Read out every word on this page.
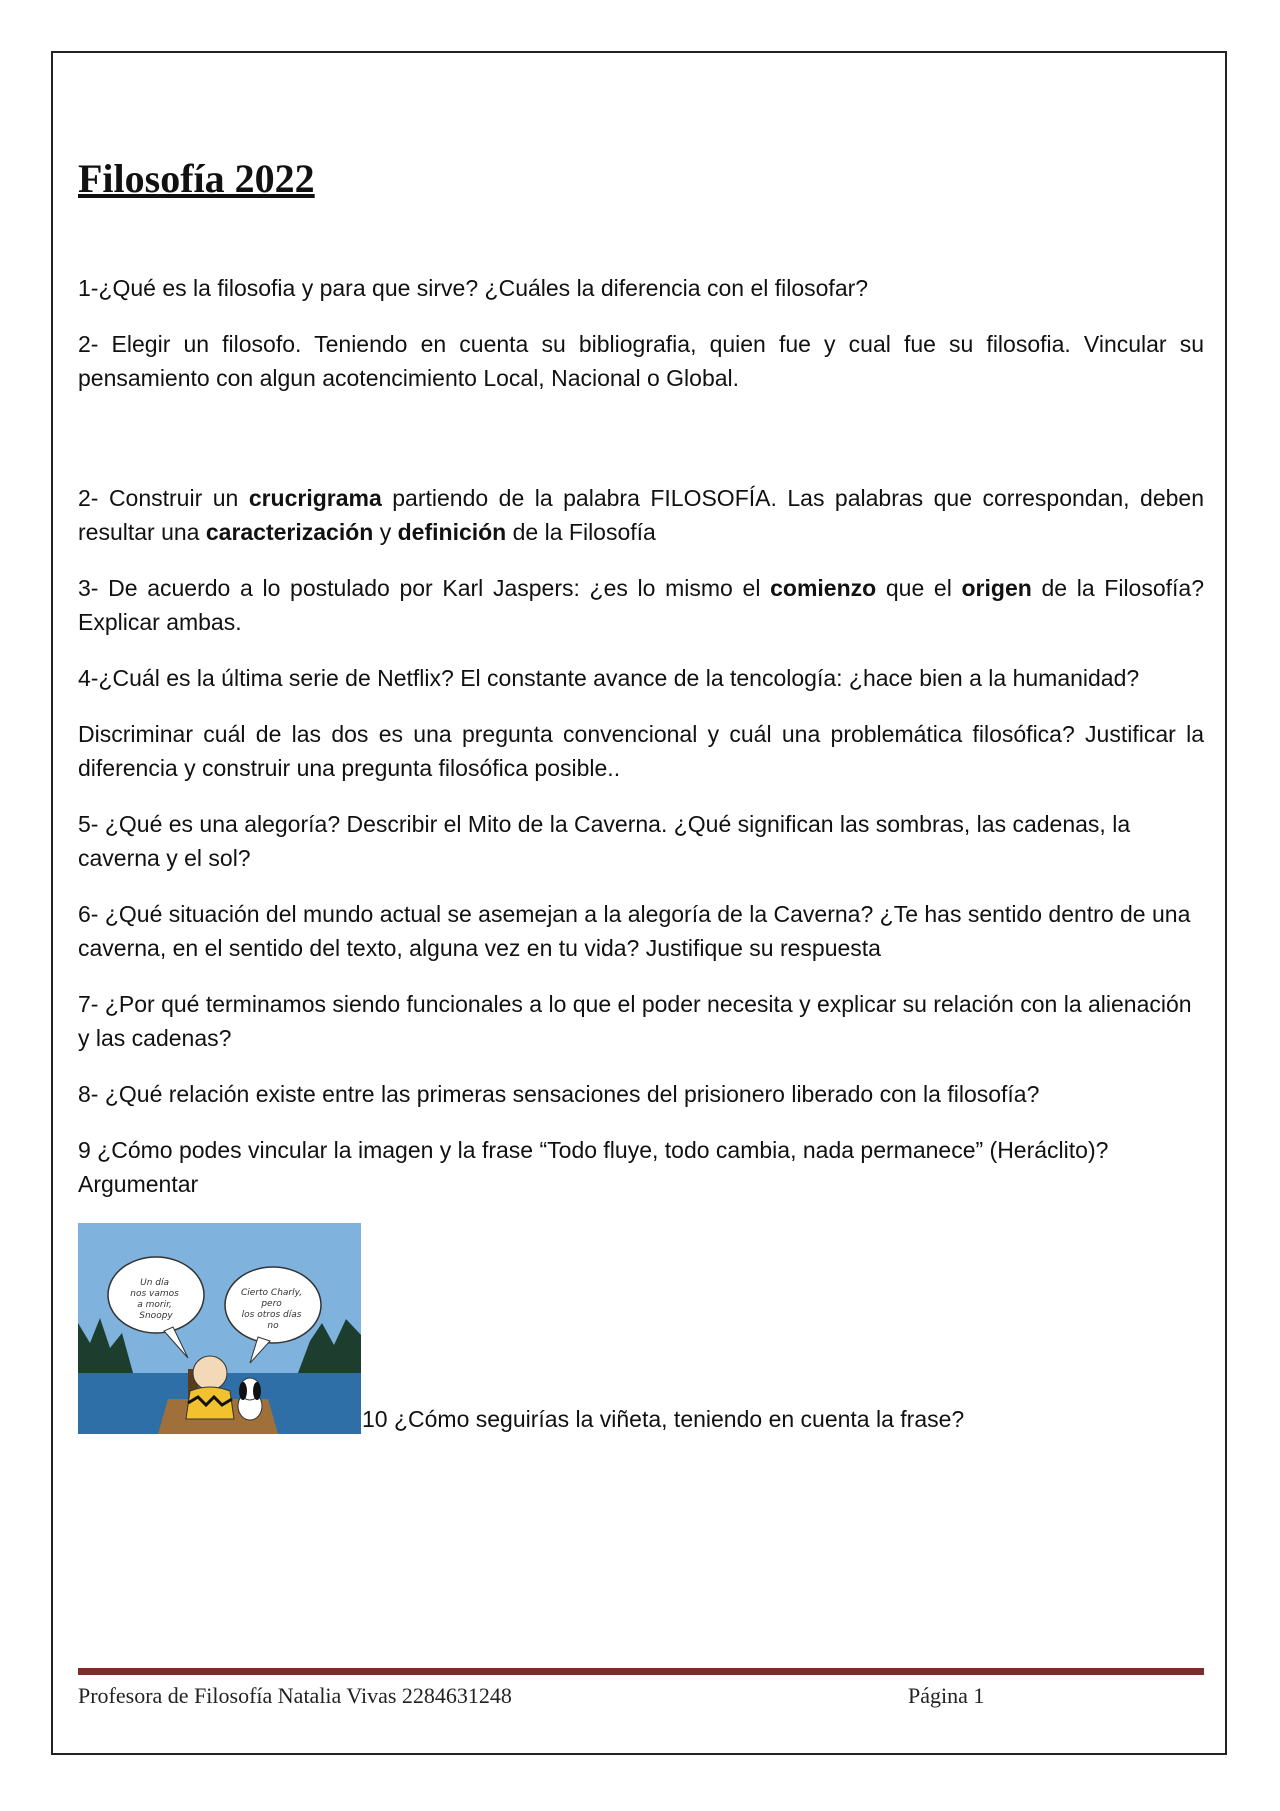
Filosofía 2022

1-¿Qué es la filosofia y para que sirve? ¿Cuáles la diferencia con el filosofar?

2- Elegir un filosofo. Teniendo en cuenta su bibliografia, quien fue y cual fue su filosofia. Vincular su pensamiento con algun acotencimiento Local, Nacional o Global.

2- Construir un crucrigrama partiendo de la palabra FILOSOFÍA. Las palabras que correspondan, deben resultar una caracterización y definición de la Filosofía

3- De acuerdo a lo postulado por Karl Jaspers: ¿es lo mismo el comienzo que el origen de la Filosofía? Explicar ambas.

4-¿Cuál es la última serie de Netflix? El constante avance de la tencología: ¿hace bien a la humanidad?

Discriminar cuál de las dos es una pregunta convencional y cuál una problemática filosófica? Justificar la diferencia y construir una pregunta filosófica posible..

5- ¿Qué es una alegoría? Describir el Mito de la Caverna. ¿Qué significan las sombras, las cadenas, la caverna y el sol?

6- ¿Qué situación del mundo actual se asemejan a la alegoría de la Caverna? ¿Te has sentido dentro de una caverna, en el sentido del texto, alguna vez en tu vida? Justifique su respuesta

7- ¿Por qué terminamos siendo funcionales a lo que el poder necesita y explicar su relación con la alienación y las cadenas?

8- ¿Qué relación existe entre las primeras sensaciones del prisionero liberado con la filosofía?

9 ¿Cómo podes vincular la imagen y la frase “Todo fluye, todo cambia, nada permanece” (Heráclito)? Argumentar

Un día nos vamos a morir, Snoopy
Cierto Charly, pero los otros días no
10 ¿Cómo seguirías la viñeta, teniendo en cuenta la frase?
Profesora de Filosofía Natalia Vivas 2284631248	Página 1
